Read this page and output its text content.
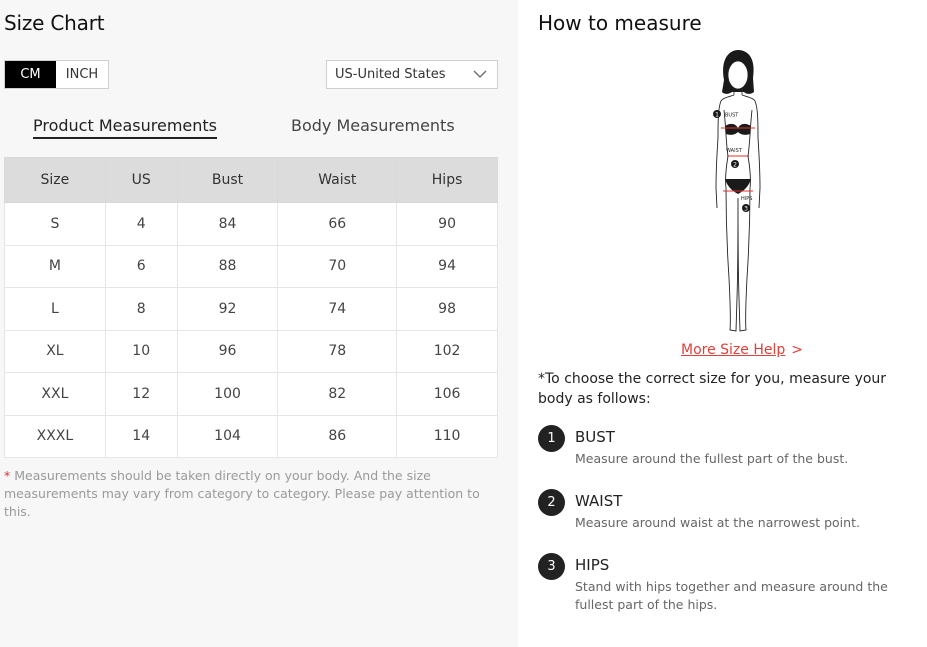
Size Chart
CM	INCH	US-United States
Product Measurements	Body Measurements
Size	US	Bust	Waist	Hips
S	4	84	66	90
M	6	88	70	94
L	8	92	74	98
XL	10	96	78	102
XXL	12	100	82	106
XXXL	14	104	86	110
* Measurements should be taken directly on your body. And the size measurements may vary from category to category. Please pay attention to this.
How to measure
1 BUST
WAIST
2
HIPS
3
More Size Help >
*To choose the correct size for you, measure your body as follows:
1	BUST
Measure around the fullest part of the bust.
2	WAIST
Measure around waist at the narrowest point.
3	HIPS
Stand with hips together and measure around the fullest part of the hips.
